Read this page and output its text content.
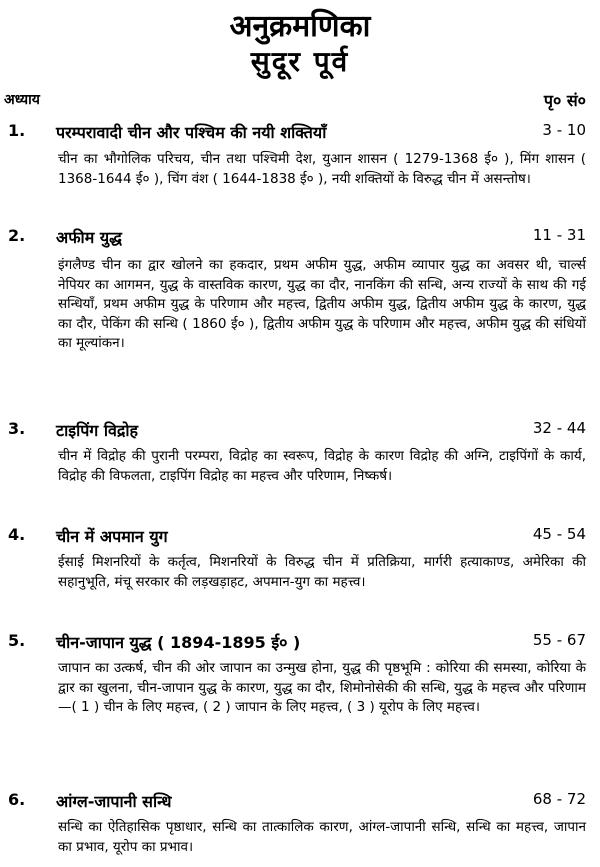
अनुक्रमणिका
सुदूर पूर्व
अध्याय	पृ० सं०
1. परम्परावादी चीन और पश्चिम की नयी शक्तियाँ	3 - 10
चीन का भौगोलिक परिचय, चीन तथा पश्चिमी देश, युआन शासन ( 1279-1368 ई० ), मिंग शासन ( 1368-1644 ई० ), चिंग वंश ( 1644-1838 ई० ), नयी शक्तियों के विरुद्ध चीन में असन्तोष।
2. अफीम युद्ध	11 - 31
इंगलैण्ड चीन का द्वार खोलने का हकदार, प्रथम अफीम युद्ध, अफीम व्यापार युद्ध का अवसर थी, चार्ल्स नेपियर का आगमन, युद्ध के वास्तविक कारण, युद्ध का दौर, नानकिंग की सन्धि, अन्य राज्यों के साथ की गई सन्धियाँ, प्रथम अफीम युद्ध के परिणाम और महत्त्व, द्वितीय अफीम युद्ध, द्वितीय अफीम युद्ध के कारण, युद्ध का दौर, पेकिंग की सन्धि ( 1860 ई० ), द्वितीय अफीम युद्ध के परिणाम और महत्त्व, अफीम युद्ध की संधियों का मूल्यांकन।
3. टाइपिंग विद्रोह	32 - 44
चीन में विद्रोह की पुरानी परम्परा, विद्रोह का स्वरूप, विद्रोह के कारण विद्रोह की अग्नि, टाइपिंगों के कार्य, विद्रोह की विफलता, टाइपिंग विद्रोह का महत्त्व और परिणाम, निष्कर्ष।
4. चीन में अपमान युग	45 - 54
ईसाई मिशनरियों के कर्तृत्व, मिशनरियों के विरुद्ध चीन में प्रतिक्रिया, मार्गरी हत्याकाण्ड, अमेरिका की सहानुभूति, मंचू सरकार की लड़खड़ाहट, अपमान-युग का महत्त्व।
5. चीन-जापान युद्ध ( 1894-1895 ई० )	55 - 67
जापान का उत्कर्ष, चीन की ओर जापान का उन्मुख होना, युद्ध की पृष्ठभूमि : कोरिया की समस्या, कोरिया के द्वार का खुलना, चीन-जापान युद्ध के कारण, युद्ध का दौर, शिमोनोसेकी की सन्धि, युद्ध के महत्त्व और परिणाम—( 1 ) चीन के लिए महत्त्व, ( 2 ) जापान के लिए महत्त्व, ( 3 ) यूरोप के लिए महत्त्व।
6. आंग्ल-जापानी सन्धि	68 - 72
सन्धि का ऐतिहासिक पृष्ठाधार, सन्धि का तात्कालिक कारण, आंग्ल-जापानी सन्धि, सन्धि का महत्त्व, जापान का प्रभाव, यूरोप का प्रभाव।
